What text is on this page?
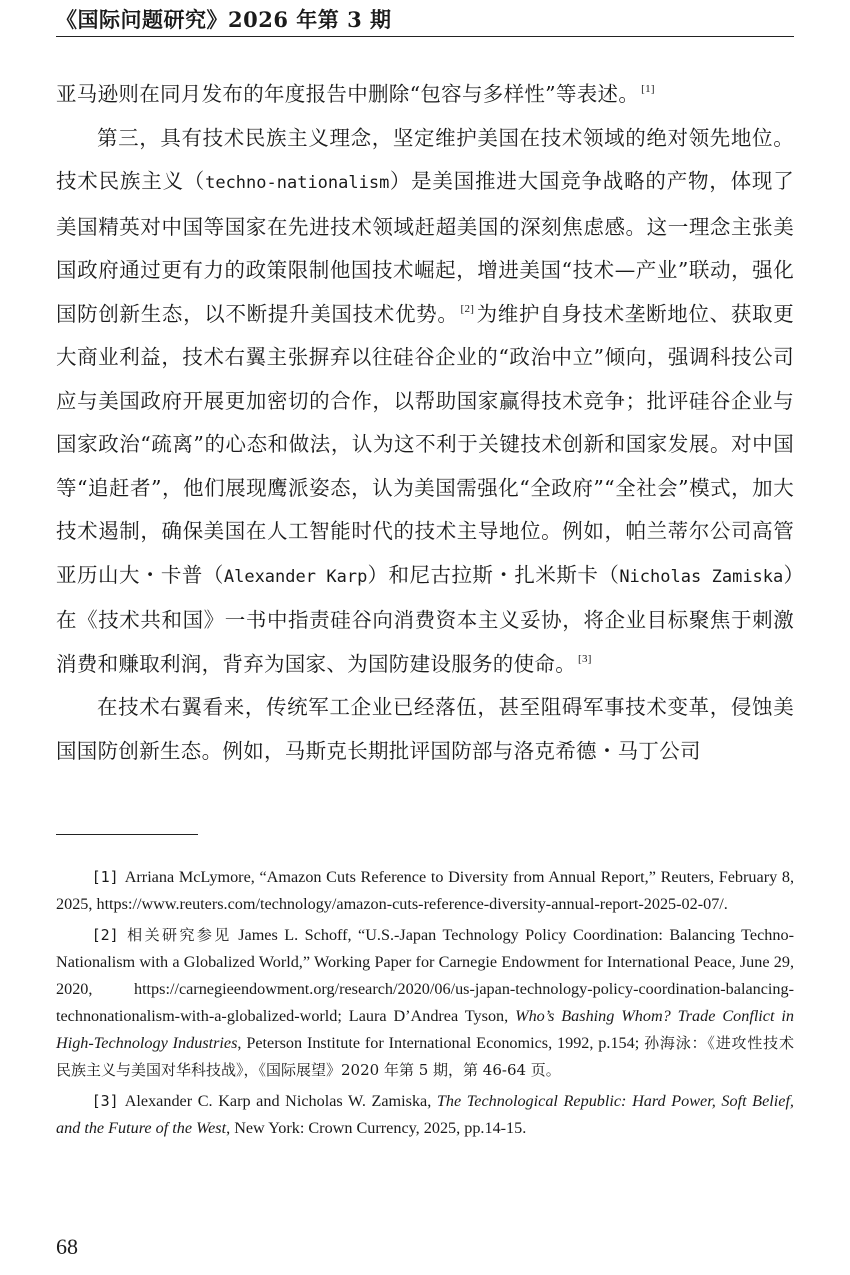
《国际问题研究》2026 年第 3 期

亚马逊则在同月发布的年度报告中删除“包容与多样性”等表述。 [1]

第三，具有技术民族主义理念，坚定维护美国在技术领域的绝对领先地位。技术民族主义（techno-nationalism）是美国推进大国竞争战略的产物，体现了美国精英对中国等国家在先进技术领域赶超美国的深刻焦虑感。这一理念主张美国政府通过更有力的政策限制他国技术崛起，增进美国“技术—产业”联动，强化国防创新生态，以不断提升美国技术优势。 [2]为维护自身技术垄断地位、获取更大商业利益，技术右翼主张摒弃以往硅谷企业的“政治中立”倾向，强调科技公司应与美国政府开展更加密切的合作，以帮助国家赢得技术竞争；批评硅谷企业与国家政治“疏离”的心态和做法，认为这不利于关键技术创新和国家发展。对中国等“追赶者”，他们展现鹰派姿态，认为美国需强化“全政府”“全社会”模式，加大技术遏制，确保美国在人工智能时代的技术主导地位。例如，帕兰蒂尔公司高管亚历山大・卡普（Alexander Karp）和尼古拉斯・扎米斯卡（Nicholas Zamiska）在《技术共和国》一书中指责硅谷向消费资本主义妥协，将企业目标聚焦于刺激消费和赚取利润，背弃为国家、为国防建设服务的使命。 [3]

在技术右翼看来，传统军工企业已经落伍，甚至阻碍军事技术变革，侵蚀美国国防创新生态。例如，马斯克长期批评国防部与洛克希德・马丁公司

[1] Arriana McLymore, “Amazon Cuts Reference to Diversity from Annual Report,” Reuters, February 8, 2025, https://www.reuters.com/technology/amazon-cuts-reference-diversity-annual-report-2025-02-07/.

[2] 相关研究参见 James L. Schoff, “U.S.-Japan Technology Policy Coordination: Balancing Techno-Nationalism with a Globalized World,” Working Paper for Carnegie Endowment for International Peace, June 29, 2020, https://carnegieendowment.org/research/2020/06/us-japan-technology-policy-coordination-balancing-technonationalism-with-a-globalized-world; Laura D’Andrea Tyson, Who’s Bashing Whom? Trade Conflict in High-Technology Industries, Peterson Institute for International Economics, 1992, p.154; 孙海泳：《进攻性技术民族主义与美国对华科技战》，《国际展望》2020 年第 5 期，第 46-64 页。

[3] Alexander C. Karp and Nicholas W. Zamiska, The Technological Republic: Hard Power, Soft Belief, and the Future of the West, New York: Crown Currency, 2025, pp.14-15.

68
